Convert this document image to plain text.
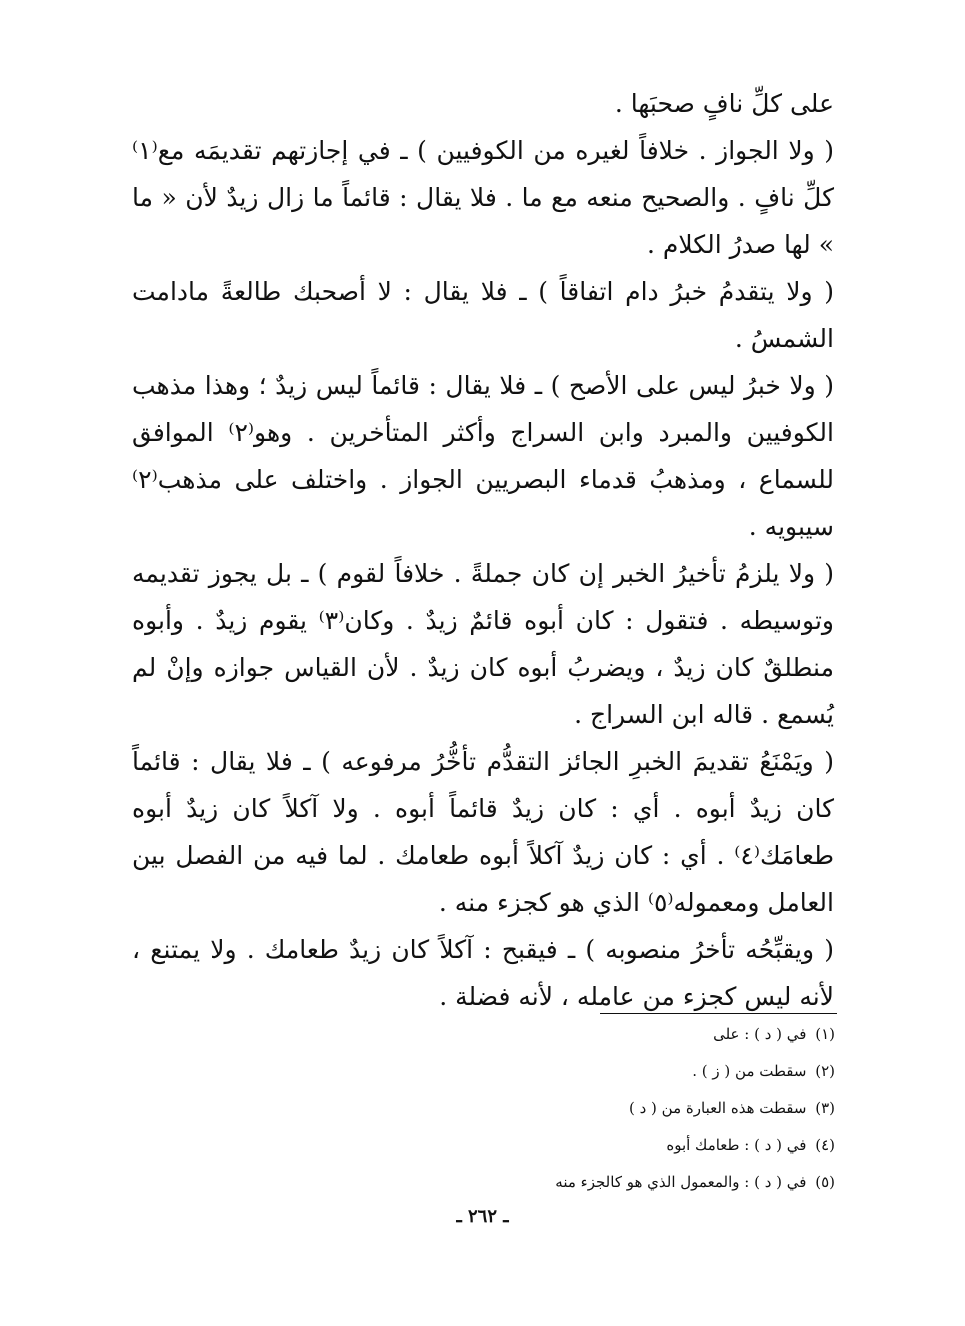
على كلِّ نافٍ صحبَها .

( ولا الجواز . خلافاً لغيره من الكوفيين ) ـ في إجازتهم تقديمَه مع⁽١⁾ كلِّ نافٍ . والصحيح منعه مع ما . فلا يقال : قائماً ما زال زيدٌ لأن « ما » لها صدرُ الكلام .

( ولا يتقدمُ خبرُ دام اتفاقاً ) ـ فلا يقال : لا أصحبك طالعةً مادامت الشمسُ .

( ولا خبرُ ليس على الأصح ) ـ فلا يقال : قائماً ليس زيدٌ ؛ وهذا مذهب الكوفيين والمبرد وابن السراج وأكثر المتأخرين . وهو⁽٢⁾ الموافق للسماع ، ومذهبُ قدماء البصريين الجواز . واختلف على مذهب⁽٢⁾ سيبويه .

( ولا يلزمُ تأخيرُ الخبر إن كان جملةً . خلافاً لقوم ) ـ بل يجوز تقديمه وتوسيطه . فتقول : كان أبوه قائمٌ زيدٌ . وكان⁽٣⁾ يقوم زيدٌ . وأبوه منطلقٌ كان زيدٌ ، ويضربُ أبوه كان زيدٌ . لأن القياس جوازه وإنْ لم يُسمع . قاله ابن السراج .

( ويَمْنَعُ تقديمَ الخبرِ الجائز التقدُّم تأخُّرُ مرفوعه ) ـ فلا يقال : قائماً كان زيدٌ أبوه . أي : كان زيدٌ قائماً أبوه . ولا آكلاً كان زيدٌ أبوه طعامَك⁽٤⁾ . أي : كان زيدٌ آكلاً أبوه طعامك . لما فيه من الفصل بين العامل ومعموله⁽٥⁾ الذي هو كجزء منه .

( ويقبِّحُه تأخرُ منصوبه ) ـ فيقبح : آكلاً كان زيدٌ طعامك . ولا يمتنع ، لأنه ليس كجزء من عامله ، لأنه فضلة .

(١) في ( د ) : على

(٢) سقطت من ( ز ) .

(٣) سقطت هذه العبارة من ( د )

(٤) في ( د ) : طعامك أبوه

(٥) في ( د ) : والمعمول الذي هو كالجزء منه

ـ ٢٦٢ ـ
